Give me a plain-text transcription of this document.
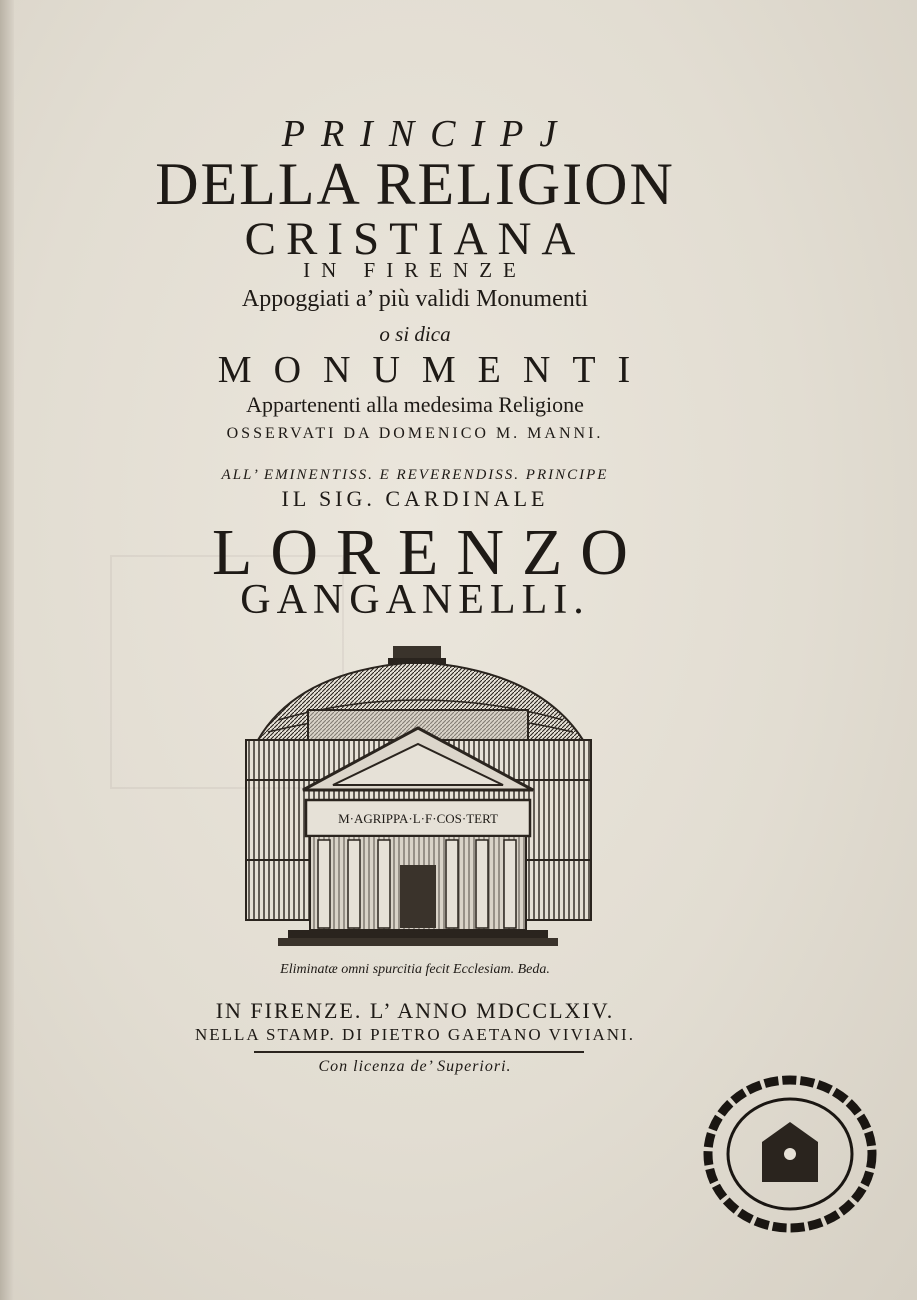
PRINCIPJ
DELLA RELIGION
CRISTIANA
IN FIRENZE
Appoggiati a’ più validi Monumenti
o si dica
MONUMENTI
Appartenenti alla medesima Religione
OSSERVATI DA DOMENICO M. MANNI.
ALL’ EMINENTISS. E REVERENDISS. PRINCIPE
IL SIG. CARDINALE
LORENZO
GANGANELLI.
M·AGRIPPA·L·F·COS·TERT
Eliminatæ omni spurcitia fecit Ecclesiam. Beda.
IN FIRENZE. L’ ANNO MDCCLXIV.
NELLA STAMP. DI PIETRO GAETANO VIVIANI.
Con licenza de’ Superiori.
